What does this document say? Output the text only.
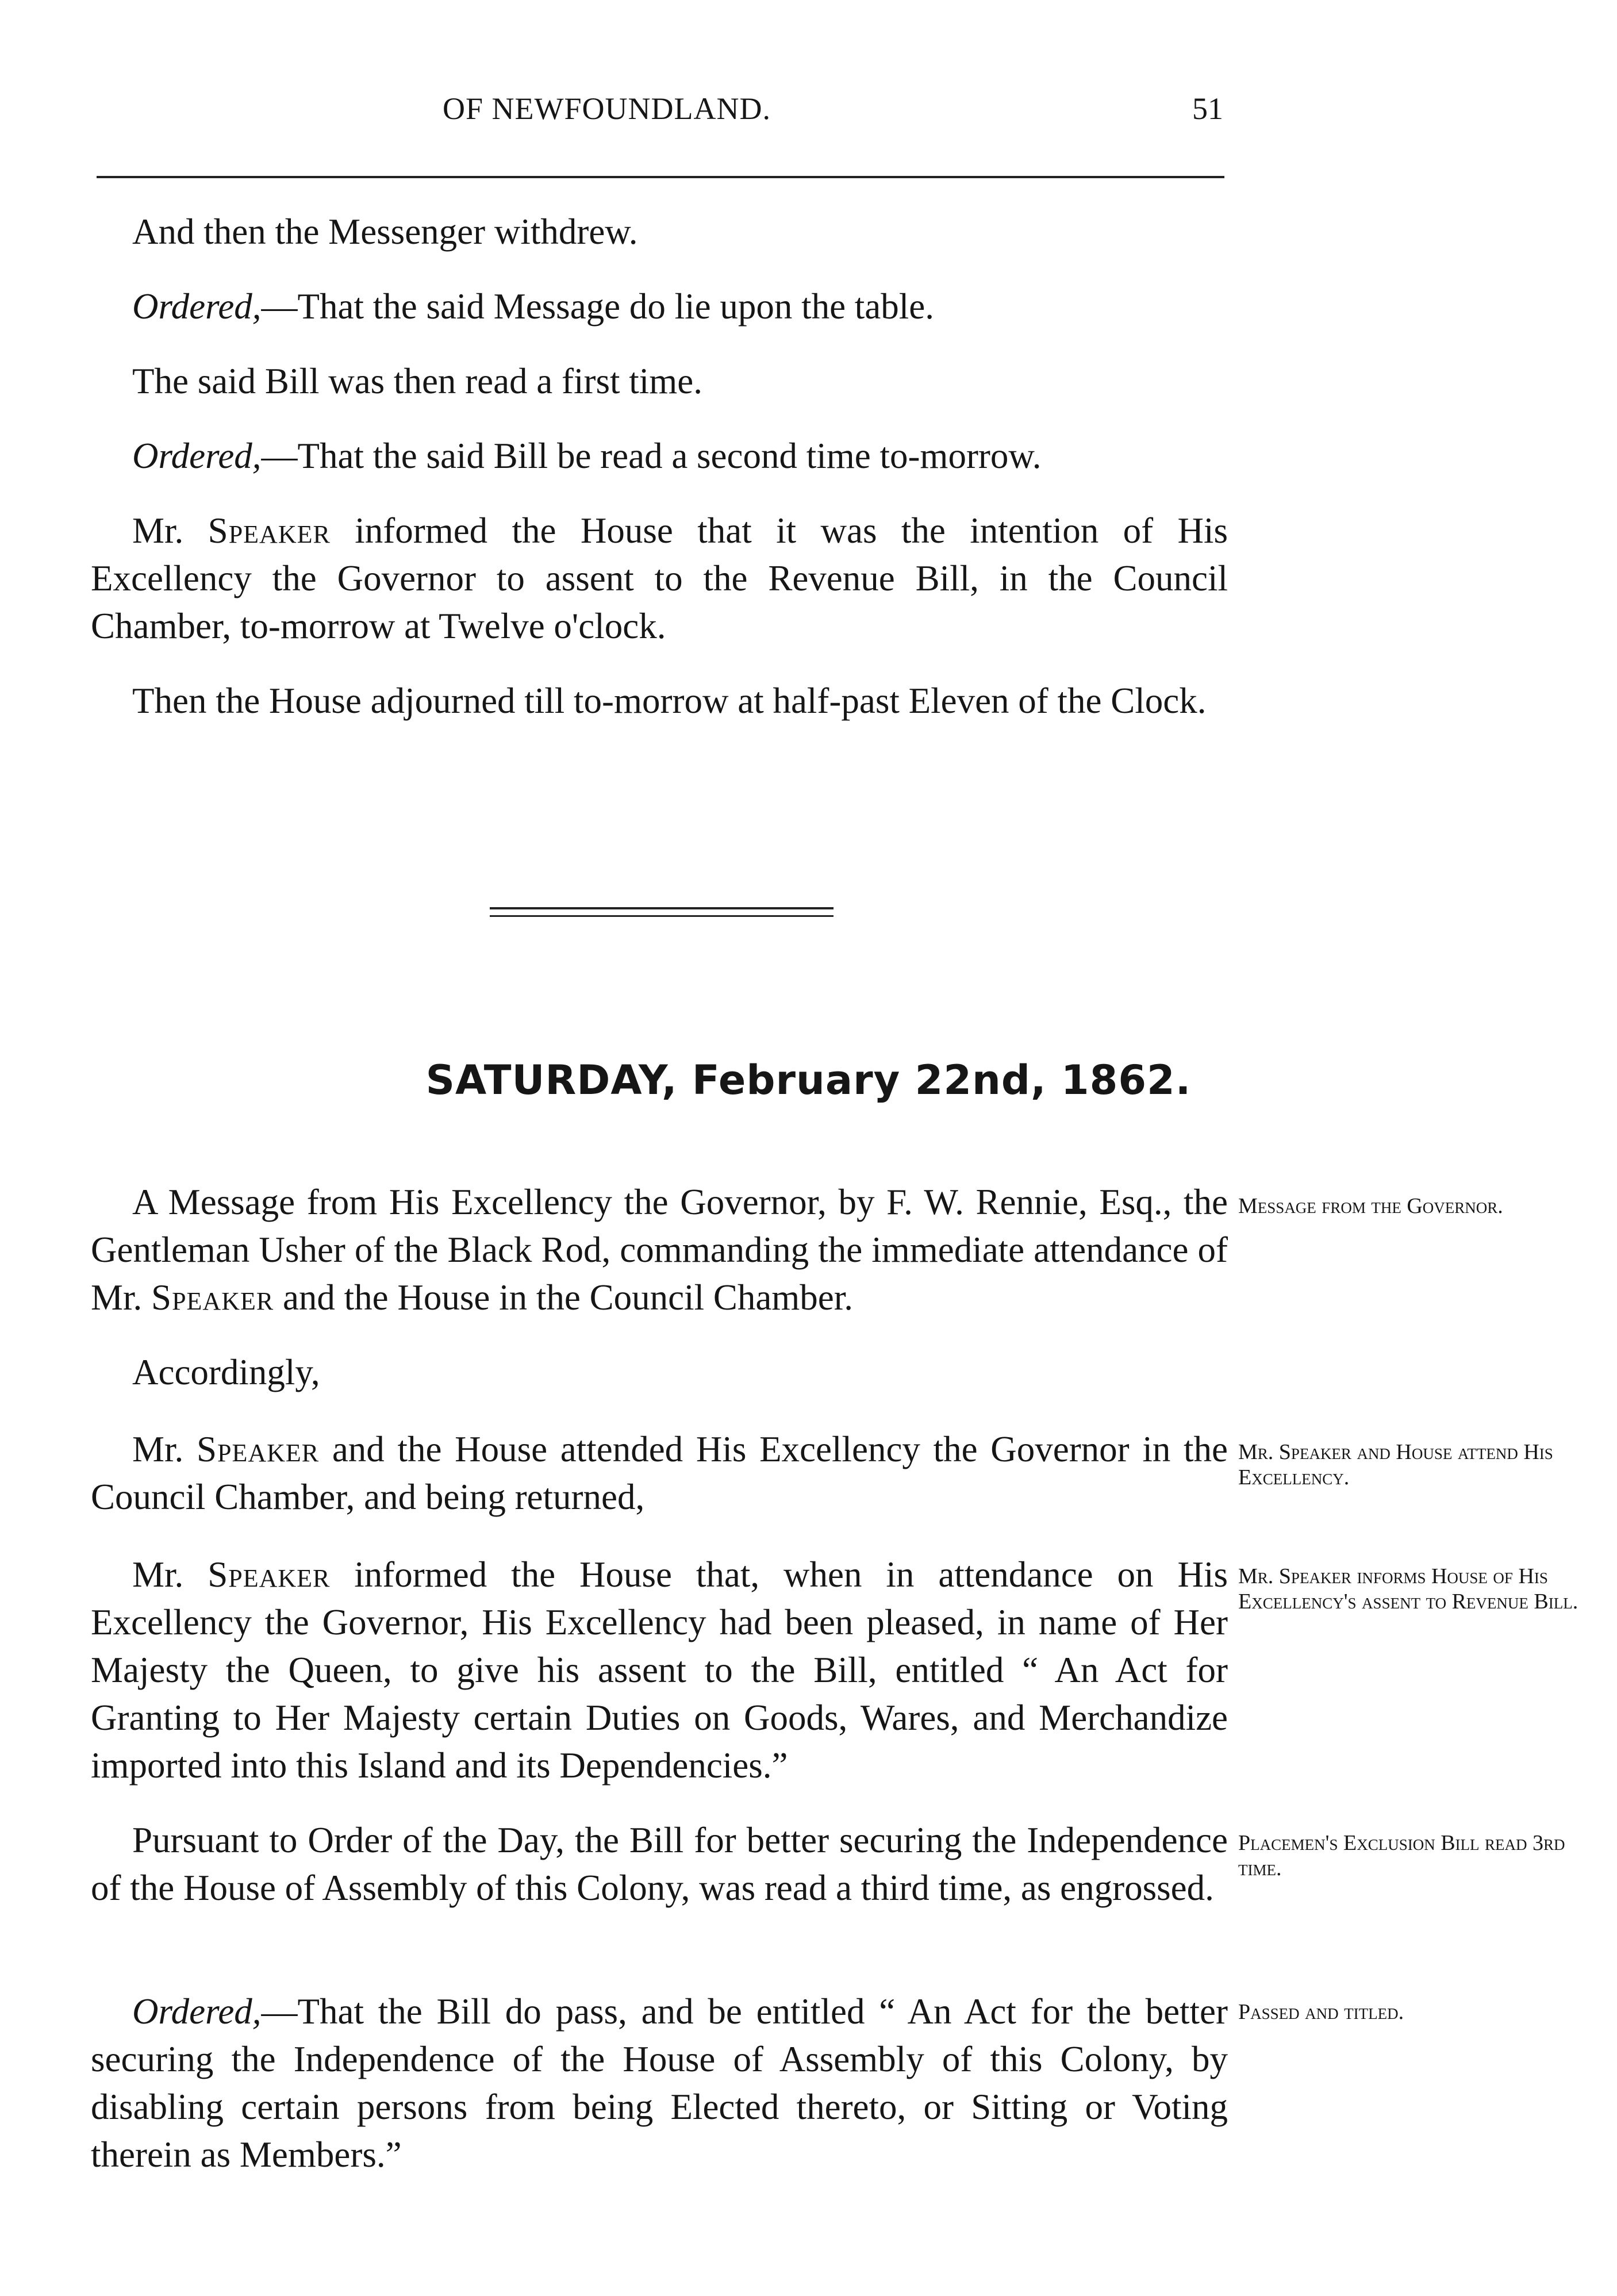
OF NEWFOUNDLAND.	51
And then the Messenger withdrew.
Ordered,—That the said Message do lie upon the table.
The said Bill was then read a first time.
Ordered,—That the said Bill be read a second time to-morrow.
Mr. Speaker informed the House that it was the intention of His Excellency the Governor to assent to the Revenue Bill, in the Council Chamber, to-morrow at Twelve o'clock.
Then the House adjourned till to-morrow at half-past Eleven of the Clock.
SATURDAY, February 22nd, 1862.
A Message from His Excellency the Governor, by F. W. Rennie, Esq., the Gentleman Usher of the Black Rod, commanding the immediate attendance of Mr. Speaker and the House in the Council Chamber.
Accordingly,
Mr. Speaker and the House attended His Excellency the Governor in the Council Chamber, and being returned,
Mr. Speaker informed the House that, when in attendance on His Excellency the Governor, His Excellency had been pleased, in name of Her Majesty the Queen, to give his assent to the Bill, entitled “ An Act for Granting to Her Majesty certain Duties on Goods, Wares, and Merchandize imported into this Island and its Dependencies.”
Pursuant to Order of the Day, the Bill for better securing the Independence of the House of Assembly of this Colony, was read a third time, as engrossed.
Ordered,—That the Bill do pass, and be entitled “ An Act for the better securing the Independence of the House of Assembly of this Colony, by disabling certain persons from being Elected thereto, or Sitting or Voting therein as Members.”
Message from the Governor.
Mr. Speaker and House attend His Excellency.
Mr. Speaker informs House of His Excellency's assent to Revenue Bill.
Placemen's Exclusion Bill read 3rd time.
Passed and titled.
